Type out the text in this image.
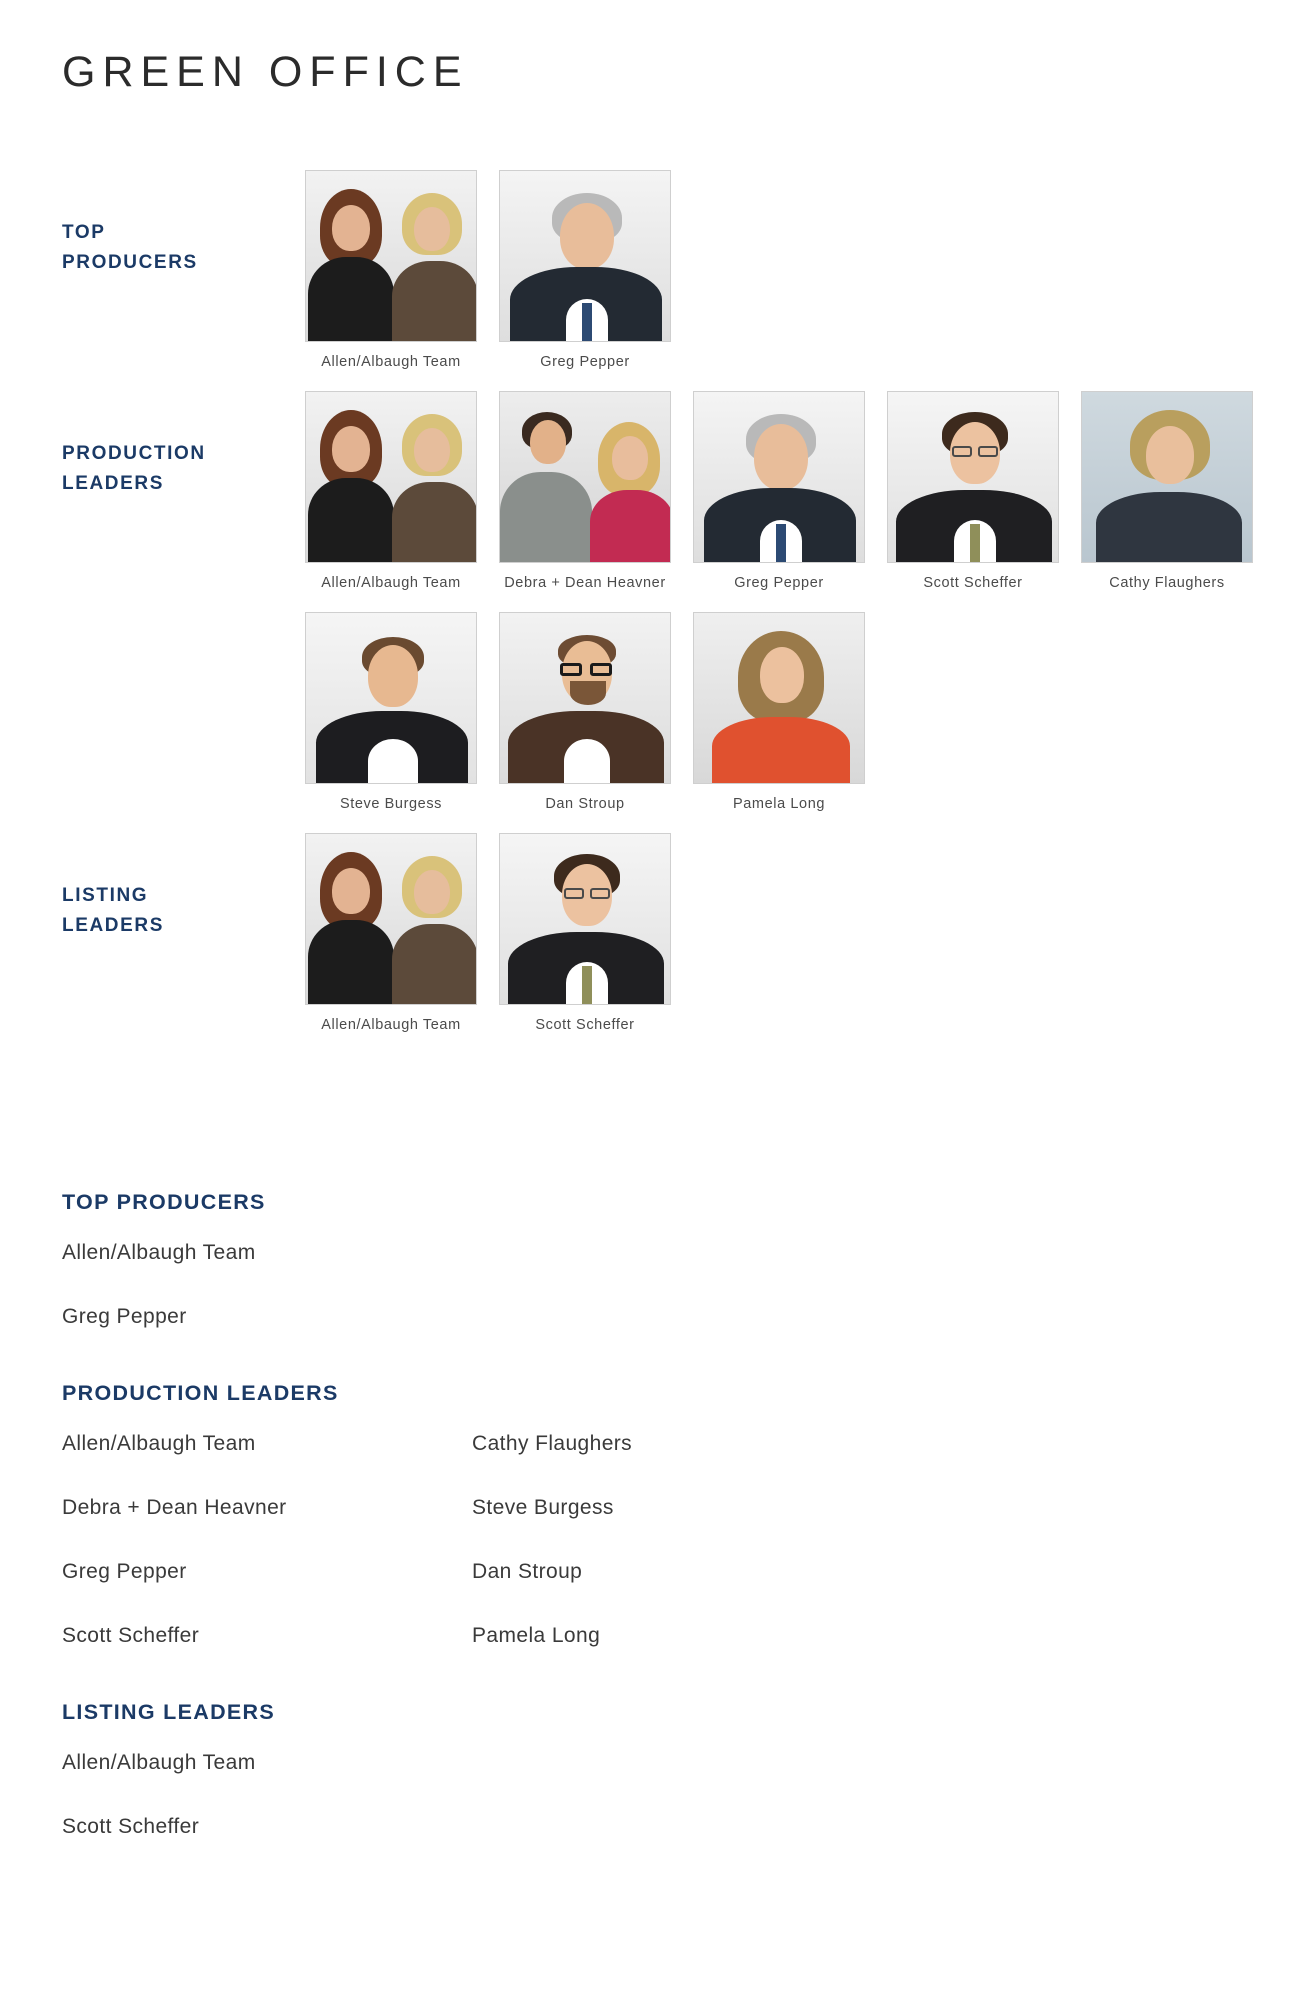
GREEN OFFICE
TOP
PRODUCERS
Allen/Albaugh Team	Greg Pepper
PRODUCTION
LEADERS
Allen/Albaugh Team	Debra + Dean Heavner	Greg Pepper	Scott Scheffer	Cathy Flaughers
Steve Burgess	Dan Stroup	Pamela Long
LISTING
LEADERS
Allen/Albaugh Team	Scott Scheffer
TOP PRODUCERS
Allen/Albaugh Team
Greg Pepper
PRODUCTION LEADERS
Allen/Albaugh Team
Debra + Dean Heavner
Greg Pepper
Scott Scheffer
Cathy Flaughers
Steve Burgess
Dan Stroup
Pamela Long
LISTING LEADERS
Allen/Albaugh Team
Scott Scheffer
